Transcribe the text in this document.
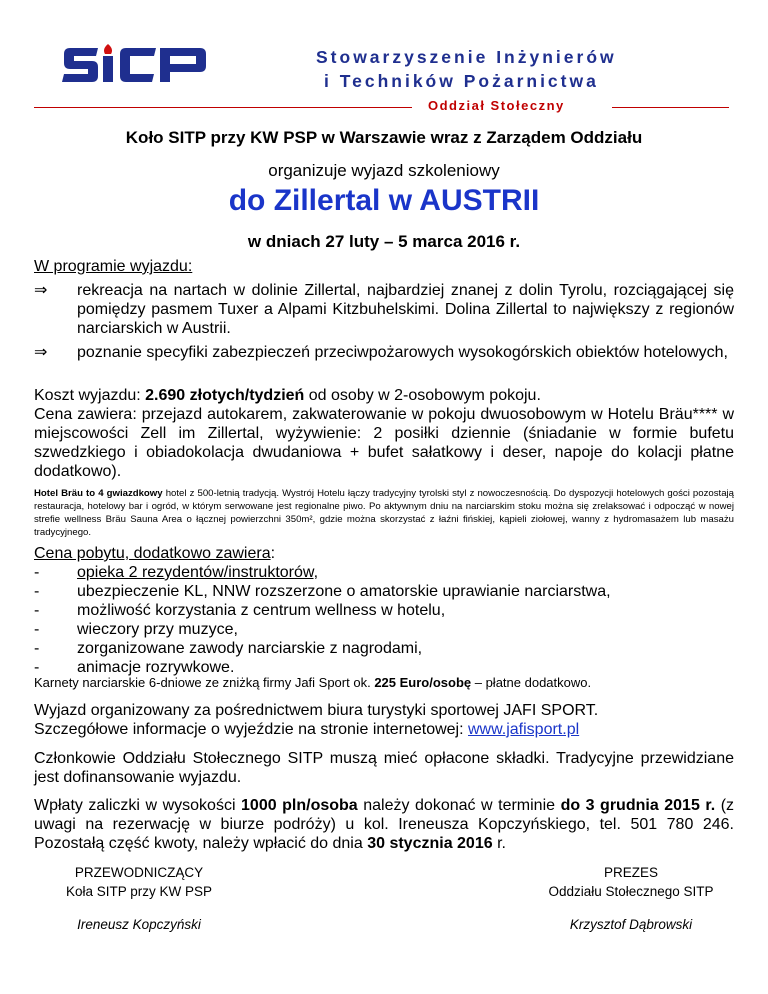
Stowarzyszenie Inżynierów
i Techników Pożarnictwa
Oddział Stołeczny
Koło SITP przy KW PSP w Warszawie wraz z Zarządem Oddziału
organizuje wyjazd szkoleniowy
do Zillertal w AUSTRII
w dniach 27 luty – 5 marca 2016 r.
W programie wyjazdu:
⇒ rekreacja na nartach w dolinie Zillertal, najbardziej znanej z dolin Tyrolu, rozciągającej się pomiędzy pasmem Tuxer a Alpami Kitzbuhelskimi. Dolina Zillertal to największy z regionów narciarskich w Austrii.
⇒ poznanie specyfiki zabezpieczeń przeciwpożarowych wysokogórskich obiektów hotelowych,
Koszt wyjazdu: 2.690 złotych/tydzień od osoby w 2-osobowym pokoju.
Cena zawiera: przejazd autokarem, zakwaterowanie w pokoju dwuosobowym w Hotelu Bräu**** w miejscowości Zell im Zillertal, wyżywienie: 2 posiłki dziennie (śniadanie w formie bufetu szwedzkiego i obiadokolacja dwudaniowa + bufet sałatkowy i deser, napoje do kolacji płatne dodatkowo).
Hotel Bräu to 4 gwiazdkowy hotel z 500-letnią tradycją. Wystrój Hotelu łączy tradycyjny tyrolski styl z nowoczesnością. Do dyspozycji hotelowych gości pozostają restauracja, hotelowy bar i ogród, w którym serwowane jest regionalne piwo. Po aktywnym dniu na narciarskim stoku można się zrelaksować i odpocząć w nowej strefie wellness Bräu Sauna Area o łącznej powierzchni 350m², gdzie można skorzystać z łaźni fińskiej, kąpieli ziołowej, wanny z hydromasażem lub masażu tradycyjnego.
Cena pobytu, dodatkowo zawiera:
- opieka 2 rezydentów/instruktorów,
- ubezpieczenie KL, NNW rozszerzone o amatorskie uprawianie narciarstwa,
- możliwość korzystania z centrum wellness w hotelu,
- wieczory przy muzyce,
- zorganizowane zawody narciarskie z nagrodami,
- animacje rozrywkowe.
Karnety narciarskie 6-dniowe ze zniżką firmy Jafi Sport ok. 225 Euro/osobę – płatne dodatkowo.
Wyjazd organizowany za pośrednictwem biura turystyki sportowej JAFI SPORT.
Szczegółowe informacje o wyjeździe na stronie internetowej: www.jafisport.pl
Członkowie Oddziału Stołecznego SITP muszą mieć opłacone składki. Tradycyjne przewidziane jest dofinansowanie wyjazdu.
Wpłaty zaliczki w wysokości 1000 pln/osoba należy dokonać w terminie do 3 grudnia 2015 r. (z uwagi na rezerwację w biurze podróży) u kol. Ireneusza Kopczyńskiego, tel. 501 780 246. Pozostałą część kwoty, należy wpłacić do dnia 30 stycznia 2016 r.
PRZEWODNICZĄCY
Koła SITP przy KW PSP
Ireneusz Kopczyński
PREZES
Oddziału Stołecznego SITP
Krzysztof Dąbrowski
